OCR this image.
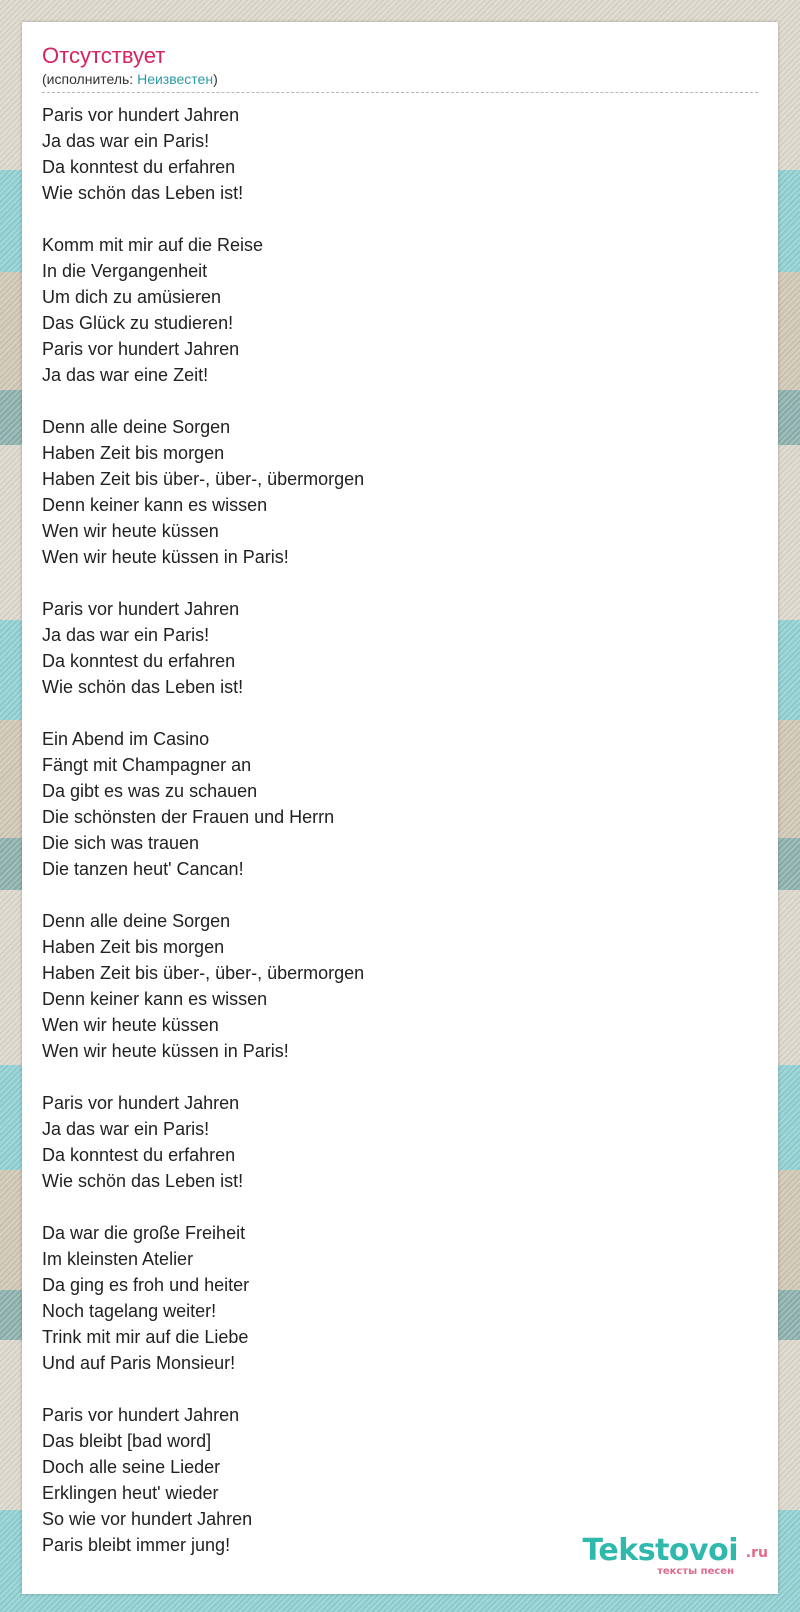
Отсутствует
(исполнитель: Неизвестен)
Paris vor hundert Jahren
Ja das war ein Paris!
Da konntest du erfahren
Wie schön das Leben ist!
Komm mit mir auf die Reise
In die Vergangenheit
Um dich zu amüsieren
Das Glück zu studieren!
Paris vor hundert Jahren
Ja das war eine Zeit!
Denn alle deine Sorgen
Haben Zeit bis morgen
Haben Zeit bis über-, über-, übermorgen
Denn keiner kann es wissen
Wen wir heute küssen
Wen wir heute küssen in Paris!
Paris vor hundert Jahren
Ja das war ein Paris!
Da konntest du erfahren
Wie schön das Leben ist!
Ein Abend im Casino
Fängt mit Champagner an
Da gibt es was zu schauen
Die schönsten der Frauen und Herrn
Die sich was trauen
Die tanzen heut' Cancan!
Denn alle deine Sorgen
Haben Zeit bis morgen
Haben Zeit bis über-, über-, übermorgen
Denn keiner kann es wissen
Wen wir heute küssen
Wen wir heute küssen in Paris!
Paris vor hundert Jahren
Ja das war ein Paris!
Da konntest du erfahren
Wie schön das Leben ist!
Da war die große Freiheit
Im kleinsten Atelier
Da ging es froh und heiter
Noch tagelang weiter!
Trink mit mir auf die Liebe
Und auf Paris Monsieur!
Paris vor hundert Jahren
Das bleibt [bad word]
Doch alle seine Lieder
Erklingen heut' wieder
So wie vor hundert Jahren
Paris bleibt immer jung!	Tekstovoi .ru
тексты песен
